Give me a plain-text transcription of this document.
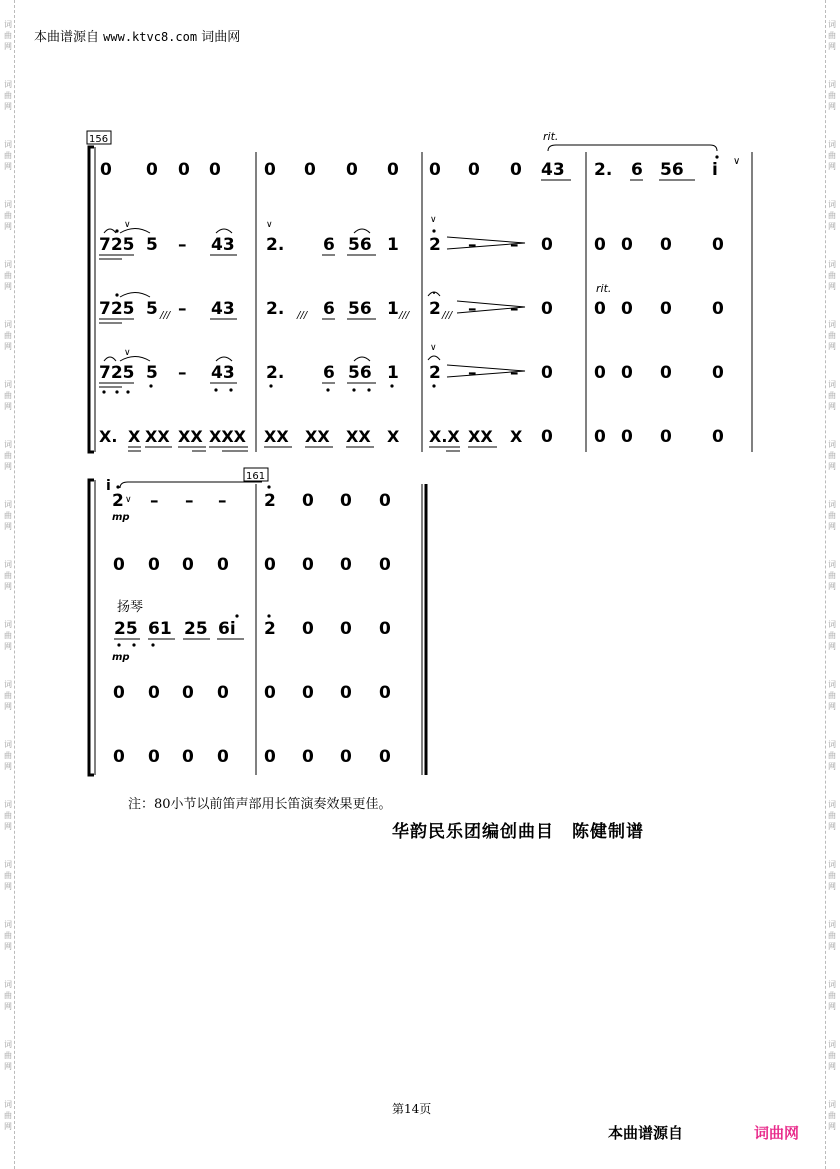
词
曲
网
词
曲
网
词
曲
网
词
曲
网
词
曲
网
词
曲
网
词
曲
网
词
曲
网
词
曲
网
词
曲
网
词
曲
网
词
曲
网
词
曲
网
词
曲
网
词
曲
网
词
曲
网
词
曲
网
词
曲
网
词
曲
网
词
曲
网
词
曲
网
词
曲
网
词
曲
网
词
曲
网
词
曲
网
词
曲
网
词
曲
网
词
曲
网
词
曲
网
词
曲
网
词
曲
网
词
曲
网
词
曲
网
词
曲
网
词
曲
网
词
曲
网
词
曲
网
词
曲
网
本曲谱源自 www.ktvc8.com 词曲网
156	rit.
0 0 0 0	0 0 0 0 0 0 0 43 2. 6 56 i ∨
725
∨
5 – 43 2.
∨
6 56 1 2
∨
– – 0 0 0 0 0
725 5 /// – 43 2. /// 6 56 1 /// 2 /// – – 0
rit.
0 0 0 0
725
∨
5 – 43 2. 6 56 1 2
∨
– – 0 0 0 0 0
X. X XX XX XXX XX XX XX X X.X XX X 0 0 0 0 0
161
i
2 ∨
mp
– – – 2 0 0 0
0 0 0 0 0 0 0 0
扬琴
25
mp
61 25 6i 2 0 0 0
0 0 0 0 0 0 0 0
0 0 0 0 0 0 0 0
注：80小节以前笛声部用长笛演奏效果更佳。
华韵民乐团编创曲目　陈健制谱
第14页
本曲谱源自	词曲网
